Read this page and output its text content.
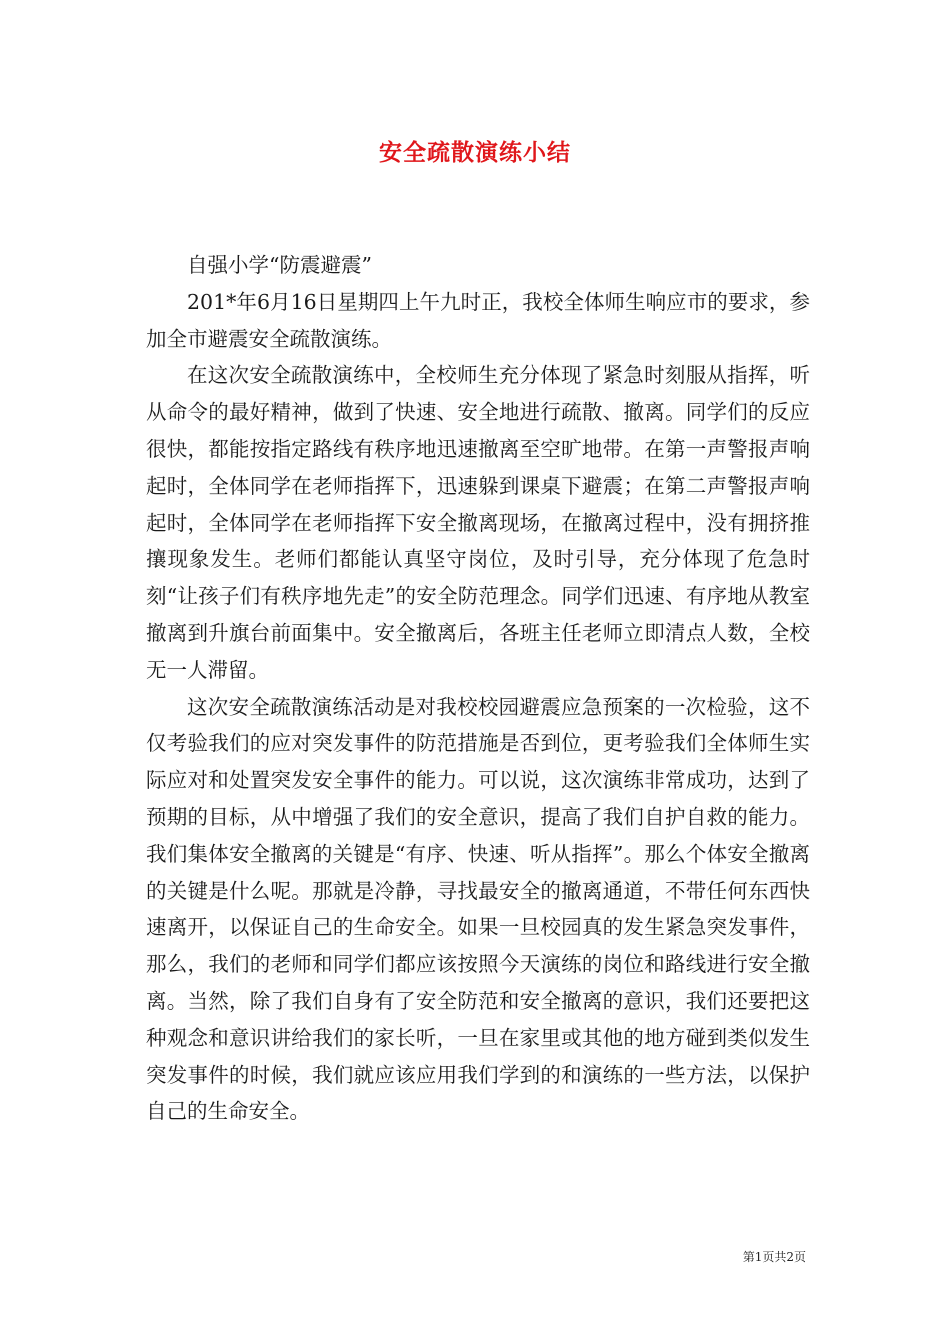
安全疏散演练小结

自强小学“防震避震”

201*年6月16日星期四上午九时正，我校全体师生响应市的要求，参加全市避震安全疏散演练。

在这次安全疏散演练中，全校师生充分体现了紧急时刻服从指挥，听从命令的最好精神，做到了快速、安全地进行疏散、撤离。同学们的反应很快，都能按指定路线有秩序地迅速撤离至空旷地带。在第一声警报声响起时，全体同学在老师指挥下，迅速躲到课桌下避震；在第二声警报声响起时，全体同学在老师指挥下安全撤离现场，在撤离过程中，没有拥挤推攘现象发生。老师们都能认真坚守岗位，及时引导，充分体现了危急时刻“让孩子们有秩序地先走”的安全防范理念。同学们迅速、有序地从教室撤离到升旗台前面集中。安全撤离后，各班主任老师立即清点人数，全校无一人滞留。

这次安全疏散演练活动是对我校校园避震应急预案的一次检验，这不仅考验我们的应对突发事件的防范措施是否到位，更考验我们全体师生实际应对和处置突发安全事件的能力。可以说，这次演练非常成功，达到了预期的目标，从中增强了我们的安全意识，提高了我们自护自救的能力。我们集体安全撤离的关键是“有序、快速、听从指挥”。那么个体安全撤离的关键是什么呢。那就是冷静，寻找最安全的撤离通道，不带任何东西快速离开，以保证自己的生命安全。如果一旦校园真的发生紧急突发事件，那么，我们的老师和同学们都应该按照今天演练的岗位和路线进行安全撤离。当然，除了我们自身有了安全防范和安全撤离的意识，我们还要把这种观念和意识讲给我们的家长听，一旦在家里或其他的地方碰到类似发生突发事件的时候，我们就应该应用我们学到的和演练的一些方法，以保护自己的生命安全。

第1页共2页
